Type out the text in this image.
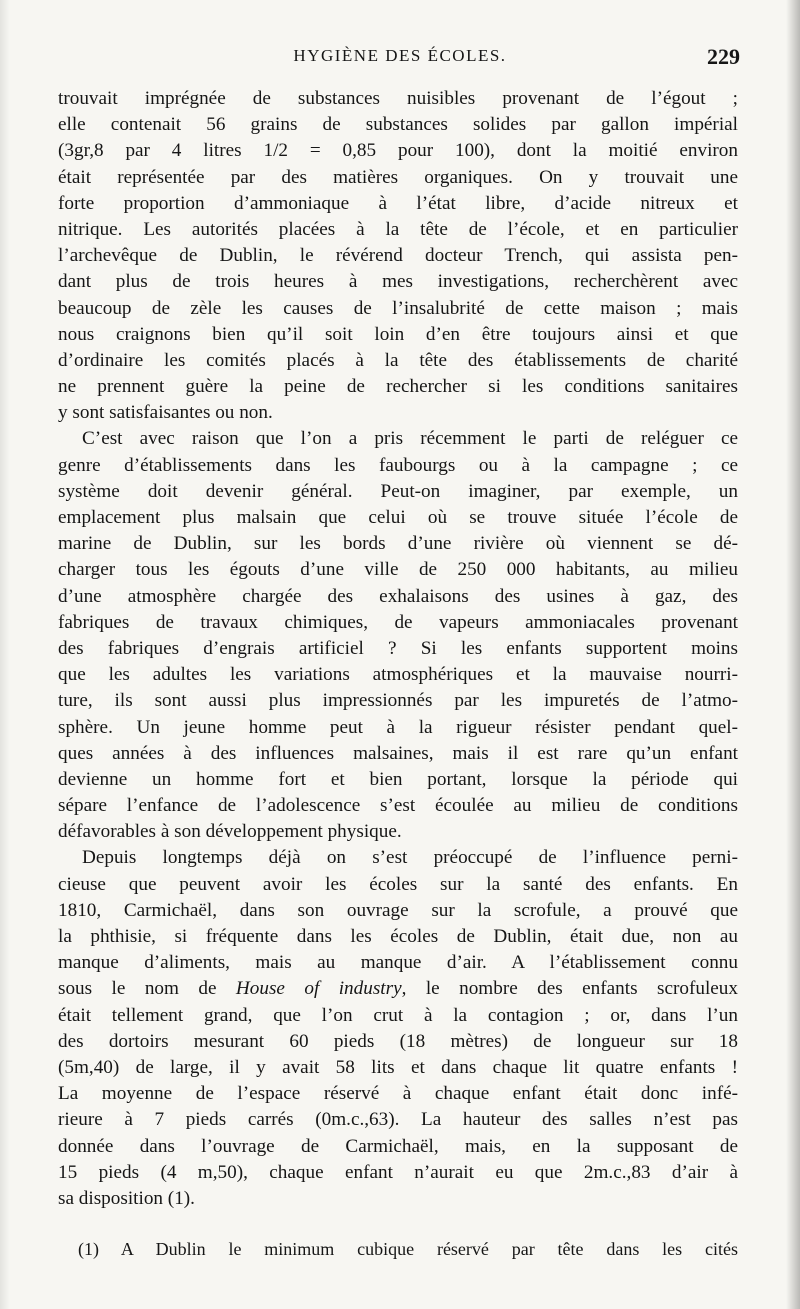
HYGIÈNE DES ÉCOLES.	229
trouvait imprégnée de substances nuisibles provenant de l’égout ;
elle contenait 56 grains de substances solides par gallon impérial
(3gr,8 par 4 litres 1/2 = 0,85 pour 100), dont la moitié environ
était représentée par des matières organiques. On y trouvait une
forte proportion d’ammoniaque à l’état libre, d’acide nitreux et
nitrique. Les autorités placées à la tête de l’école, et en particulier
l’archevêque de Dublin, le révérend docteur Trench, qui assista pen-
dant plus de trois heures à mes investigations, recherchèrent avec
beaucoup de zèle les causes de l’insalubrité de cette maison ; mais
nous craignons bien qu’il soit loin d’en être toujours ainsi et que
d’ordinaire les comités placés à la tête des établissements de charité
ne prennent guère la peine de rechercher si les conditions sanitaires
y sont satisfaisantes ou non.
C’est avec raison que l’on a pris récemment le parti de reléguer ce
genre d’établissements dans les faubourgs ou à la campagne ; ce
système doit devenir général. Peut-on imaginer, par exemple, un
emplacement plus malsain que celui où se trouve située l’école de
marine de Dublin, sur les bords d’une rivière où viennent se dé-
charger tous les égouts d’une ville de 250 000 habitants, au milieu
d’une atmosphère chargée des exhalaisons des usines à gaz, des
fabriques de travaux chimiques, de vapeurs ammoniacales provenant
des fabriques d’engrais artificiel ? Si les enfants supportent moins
que les adultes les variations atmosphériques et la mauvaise nourri-
ture, ils sont aussi plus impressionnés par les impuretés de l’atmo-
sphère. Un jeune homme peut à la rigueur résister pendant quel-
ques années à des influences malsaines, mais il est rare qu’un enfant
devienne un homme fort et bien portant, lorsque la période qui
sépare l’enfance de l’adolescence s’est écoulée au milieu de conditions
défavorables à son développement physique.
Depuis longtemps déjà on s’est préoccupé de l’influence perni-
cieuse que peuvent avoir les écoles sur la santé des enfants. En
1810, Carmichaël, dans son ouvrage sur la scrofule, a prouvé que
la phthisie, si fréquente dans les écoles de Dublin, était due, non au
manque d’aliments, mais au manque d’air. A l’établissement connu
sous le nom de House of industry, le nombre des enfants scrofuleux
était tellement grand, que l’on crut à la contagion ; or, dans l’un
des dortoirs mesurant 60 pieds (18 mètres) de longueur sur 18
(5m,40) de large, il y avait 58 lits et dans chaque lit quatre enfants !
La moyenne de l’espace réservé à chaque enfant était donc infé-
rieure à 7 pieds carrés (0m.c.,63). La hauteur des salles n’est pas
donnée dans l’ouvrage de Carmichaël, mais, en la supposant de
15 pieds (4 m,50), chaque enfant n’aurait eu que 2m.c.,83 d’air à
sa disposition (1).
(1) A Dublin le minimum cubique réservé par tête dans les cités
